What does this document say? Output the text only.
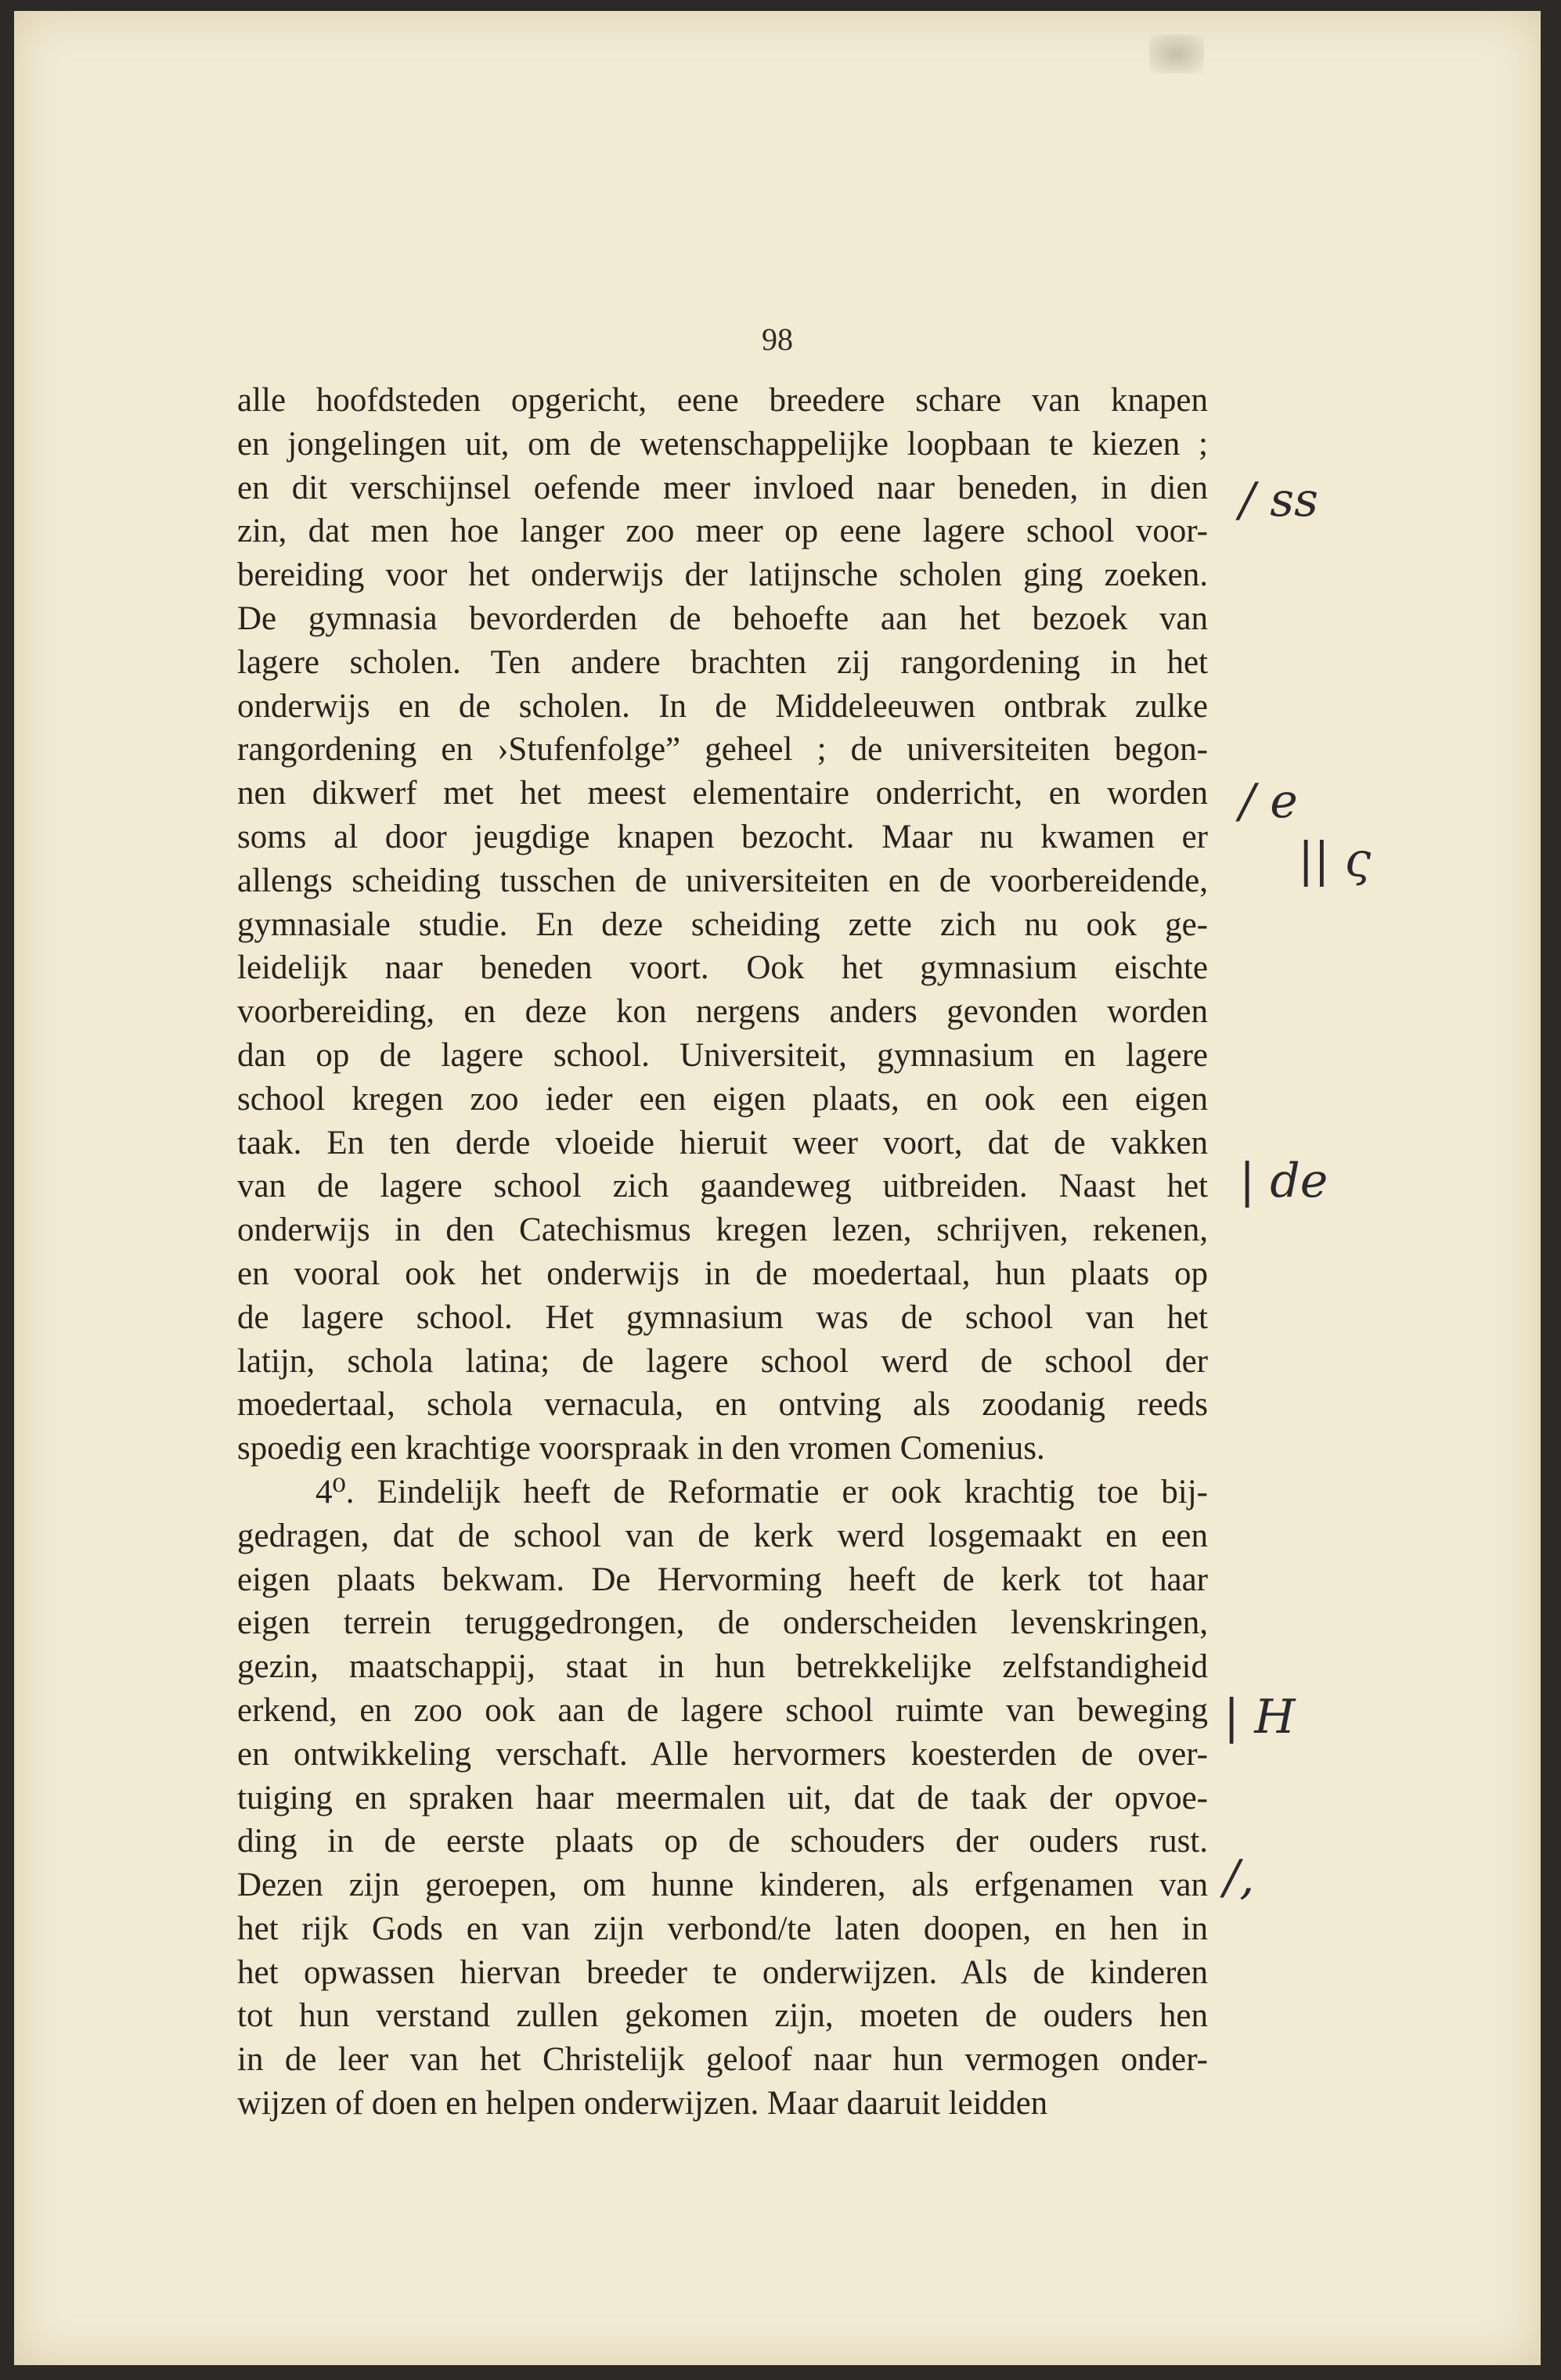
98
alle hoofdsteden opgericht, eene breedere schare van knapen
en jongelingen uit, om de wetenschappelijke loopbaan te kiezen ;
en dit verschijnsel oefende meer invloed naar beneden, in dien
zin, dat men hoe langer zoo meer op eene lagere school voor-
bereiding voor het onderwijs der latijnsche scholen ging zoeken.
De gymnasia bevorderden de behoefte aan het bezoek van
lagere scholen. Ten andere brachten zij rangordening in het
onderwijs en de scholen. In de Middeleeuwen ontbrak zulke
rangordening en ›Stufenfolge” geheel ; de universiteiten begon-
nen dikwerf met het meest elementaire onderricht, en worden
soms al door jeugdige knapen bezocht. Maar nu kwamen er
allengs scheiding tusschen de universiteiten en de voorbereidende,
gymnasiale studie. En deze scheiding zette zich nu ook ge-
leidelijk naar beneden voort. Ook het gymnasium eischte
voorbereiding, en deze kon nergens anders gevonden worden
dan op de lagere school. Universiteit, gymnasium en lagere
school kregen zoo ieder een eigen plaats, en ook een eigen
taak. En ten derde vloeide hieruit weer voort, dat de vakken
van de lagere school zich gaandeweg uitbreiden. Naast het
onderwijs in den Catechismus kregen lezen, schrijven, rekenen,
en vooral ook het onderwijs in de moedertaal, hun plaats op
de lagere school. Het gymnasium was de school van het
latijn, schola latina; de lagere school werd de school der
moedertaal, schola vernacula, en ontving als zoodanig reeds
spoedig een krachtige voorspraak in den vromen Comenius.
4⁰. Eindelijk heeft de Reformatie er ook krachtig toe bij-
gedragen, dat de school van de kerk werd losgemaakt en een
eigen plaats bekwam. De Hervorming heeft de kerk tot haar
eigen terrein teruggedrongen, de onderscheiden levenskringen,
gezin, maatschappij, staat in hun betrekkelijke zelfstandigheid
erkend, en zoo ook aan de lagere school ruimte van beweging
en ontwikkeling verschaft. Alle hervormers koesterden de over-
tuiging en spraken haar meermalen uit, dat de taak der opvoe-
ding in de eerste plaats op de schouders der ouders rust.
Dezen zijn geroepen, om hunne kinderen, als erfgenamen van
het rijk Gods en van zijn verbond/te laten doopen, en hen in
het opwassen hiervan breeder te onderwijzen. Als de kinderen
tot hun verstand zullen gekomen zijn, moeten de ouders hen
in de leer van het Christelijk geloof naar hun vermogen onder-
wijzen of doen en helpen onderwijzen. Maar daaruit leidden
/ ss
/ e
|| ς
| de
| H
/,
